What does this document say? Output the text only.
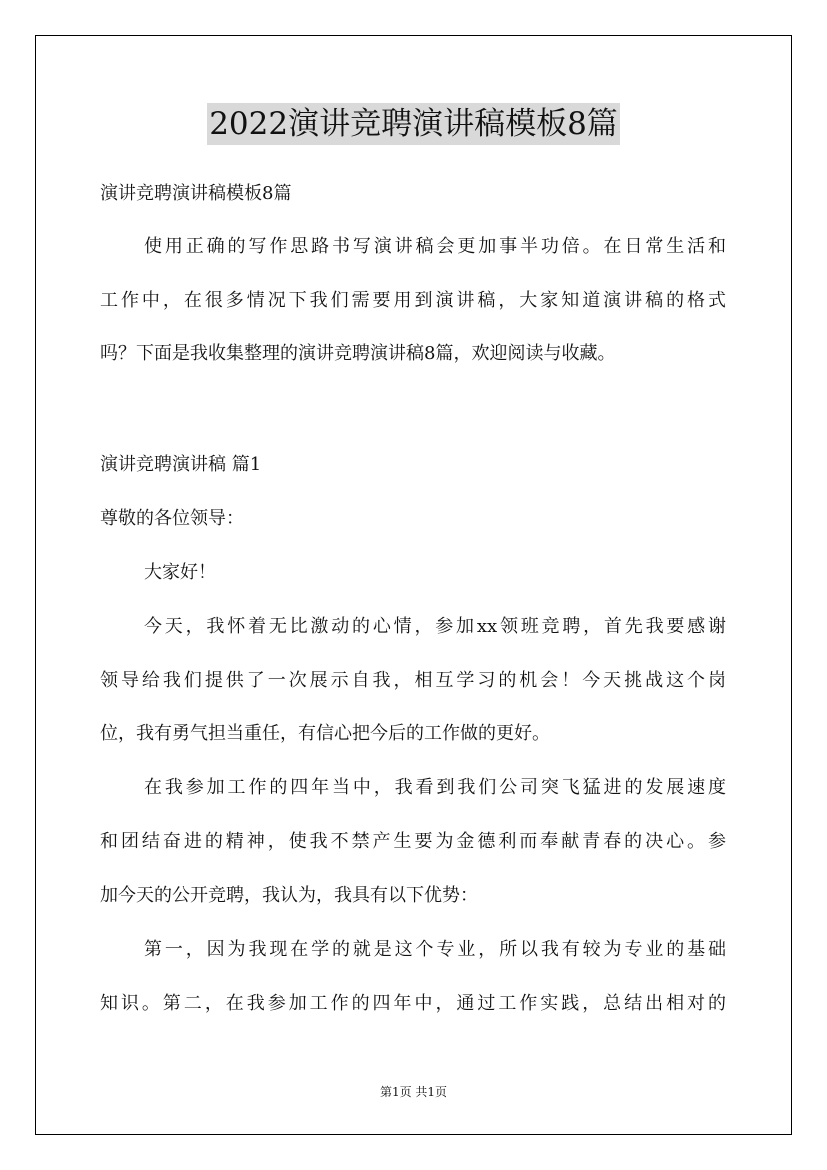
2022演讲竞聘演讲稿模板8篇
演讲竞聘演讲稿模板8篇
使用正确的写作思路书写演讲稿会更加事半功倍。在日常生活和
工作中，在很多情况下我们需要用到演讲稿，大家知道演讲稿的格式
吗？下面是我收集整理的演讲竞聘演讲稿8篇，欢迎阅读与收藏。
演讲竞聘演讲稿 篇1
尊敬的各位领导：
大家好！
今天，我怀着无比激动的心情，参加xx领班竞聘，首先我要感谢
领导给我们提供了一次展示自我，相互学习的机会！今天挑战这个岗
位，我有勇气担当重任，有信心把今后的工作做的更好。
在我参加工作的四年当中，我看到我们公司突飞猛进的发展速度
和团结奋进的精神，使我不禁产生要为金德利而奉献青春的决心。参
加今天的公开竞聘，我认为，我具有以下优势：
第一，因为我现在学的就是这个专业，所以我有较为专业的基础
知识。第二，在我参加工作的四年中，通过工作实践，总结出相对的
第1页 共1页
